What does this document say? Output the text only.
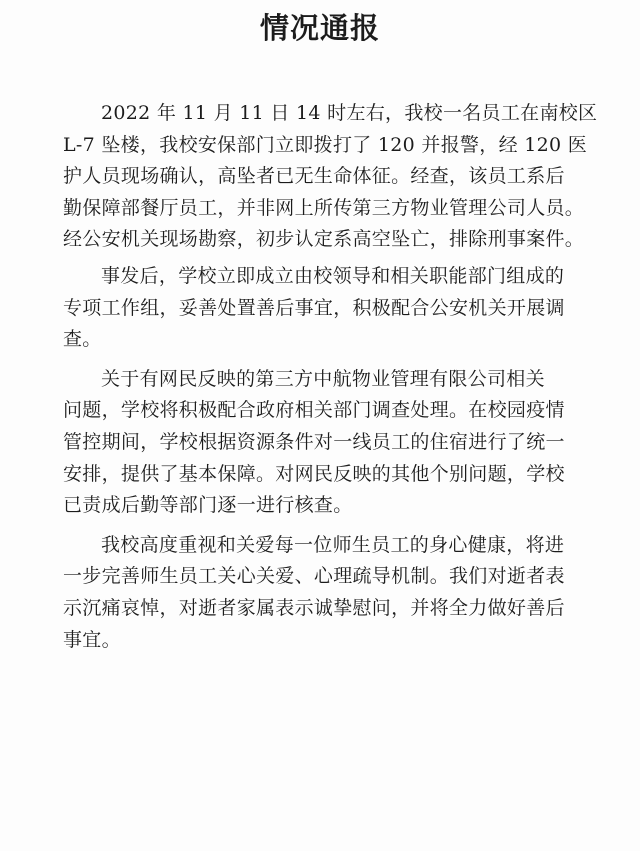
情况通报
2022 年 11 月 11 日 14 时左右，我校一名员工在南校区
L-7 坠楼，我校安保部门立即拨打了 120 并报警，经 120 医
护人员现场确认，高坠者已无生命体征。经查，该员工系后
勤保障部餐厅员工，并非网上所传第三方物业管理公司人员。
经公安机关现场勘察，初步认定系高空坠亡，排除刑事案件。
事发后，学校立即成立由校领导和相关职能部门组成的
专项工作组，妥善处置善后事宜，积极配合公安机关开展调
查。
关于有网民反映的第三方中航物业管理有限公司相关
问题，学校将积极配合政府相关部门调查处理。在校园疫情
管控期间，学校根据资源条件对一线员工的住宿进行了统一
安排，提供了基本保障。对网民反映的其他个别问题，学校
已责成后勤等部门逐一进行核查。
我校高度重视和关爱每一位师生员工的身心健康，将进
一步完善师生员工关心关爱、心理疏导机制。我们对逝者表
示沉痛哀悼，对逝者家属表示诚挚慰问，并将全力做好善后
事宜。
